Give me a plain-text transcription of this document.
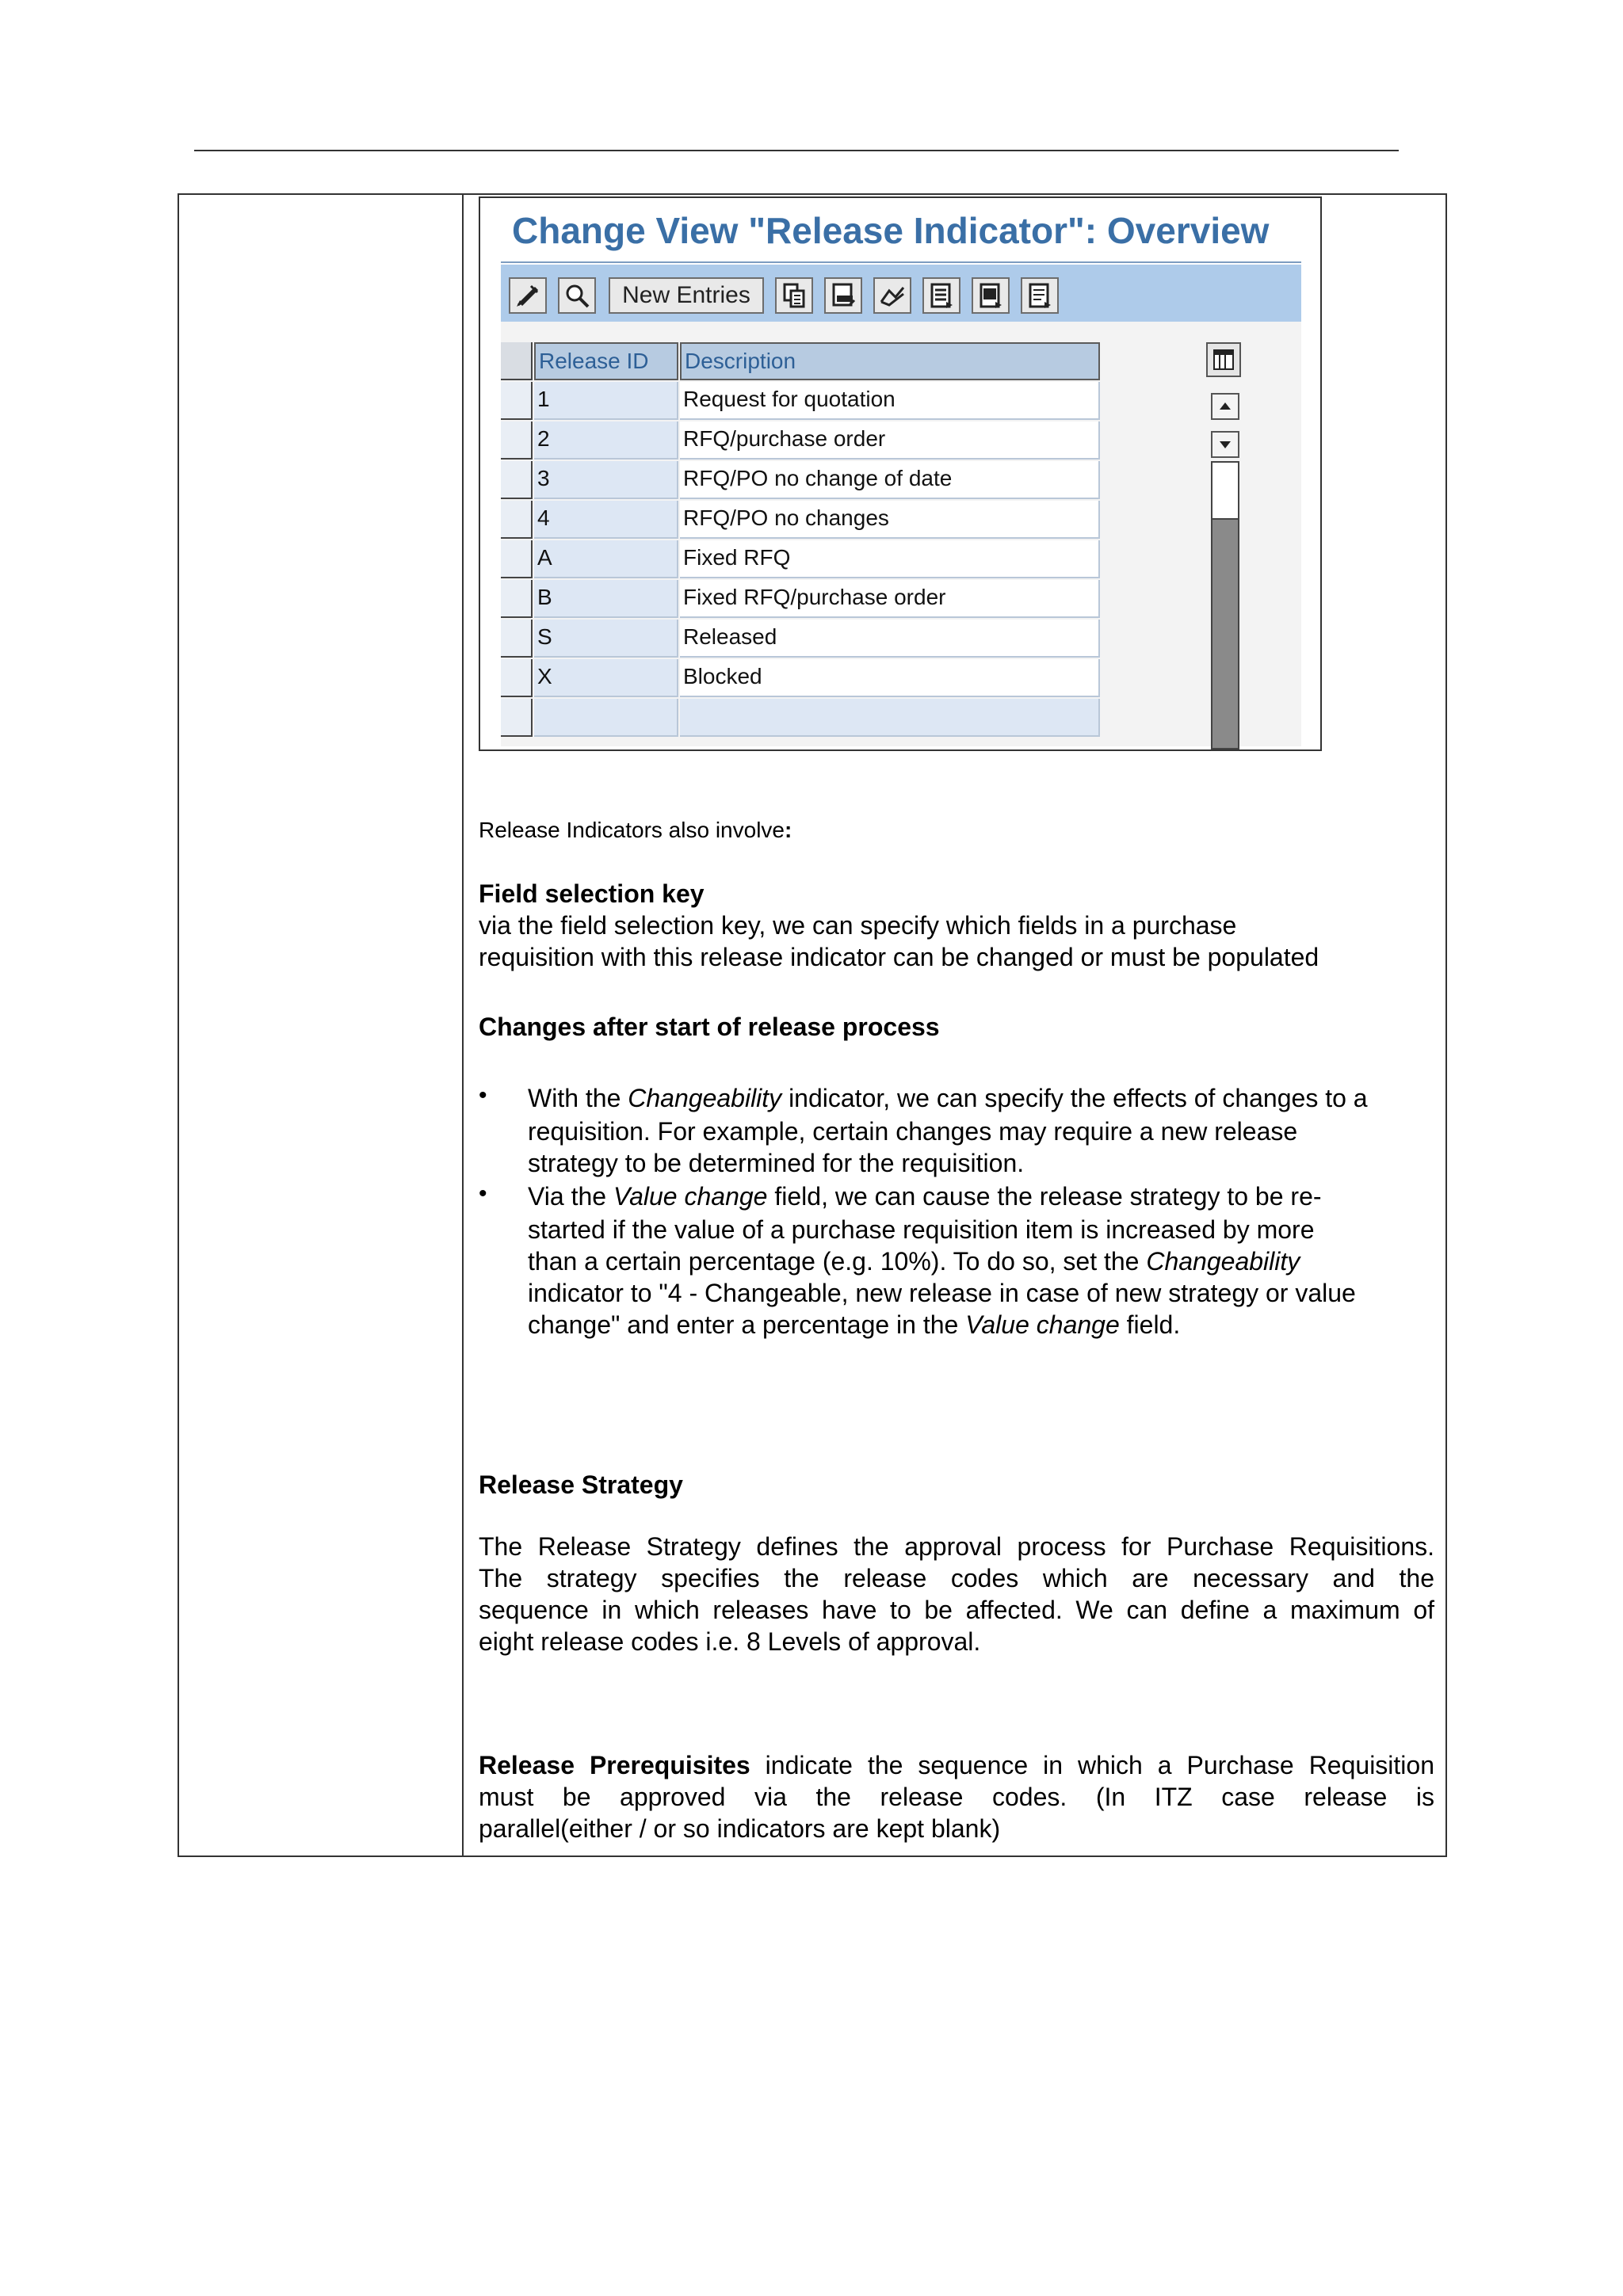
Change View "Release Indicator": Overview
New Entries
Release ID	Description
1	Request for quotation
2	RFQ/purchase order
3	RFQ/PO no change of date
4	RFQ/PO no changes
A	Fixed RFQ
B	Fixed RFQ/purchase order
S	Released
X	Blocked
Release Indicators also involve:
Field selection key
via the field selection key, we can specify which fields in a purchase
requisition with this release indicator can be changed or must be populated
Changes after start of release process
• With the Changeability indicator, we can specify the effects of changes to a
requisition. For example, certain changes may require a new release
strategy to be determined for the requisition.
• Via the Value change field, we can cause the release strategy to be re-
started if the value of a purchase requisition item is increased by more
than a certain percentage (e.g. 10%). To do so, set the Changeability
indicator to "4 - Changeable, new release in case of new strategy or value
change" and enter a percentage in the Value change field.
Release Strategy
The Release Strategy defines the approval process for Purchase Requisitions.
The strategy specifies the release codes which are necessary and the
sequence in which releases have to be affected. We can define a maximum of
eight release codes i.e. 8 Levels of approval.
Release Prerequisites indicate the sequence in which a Purchase Requisition
must be approved via the release codes. (In ITZ case release is
parallel(either / or so indicators are kept blank)
